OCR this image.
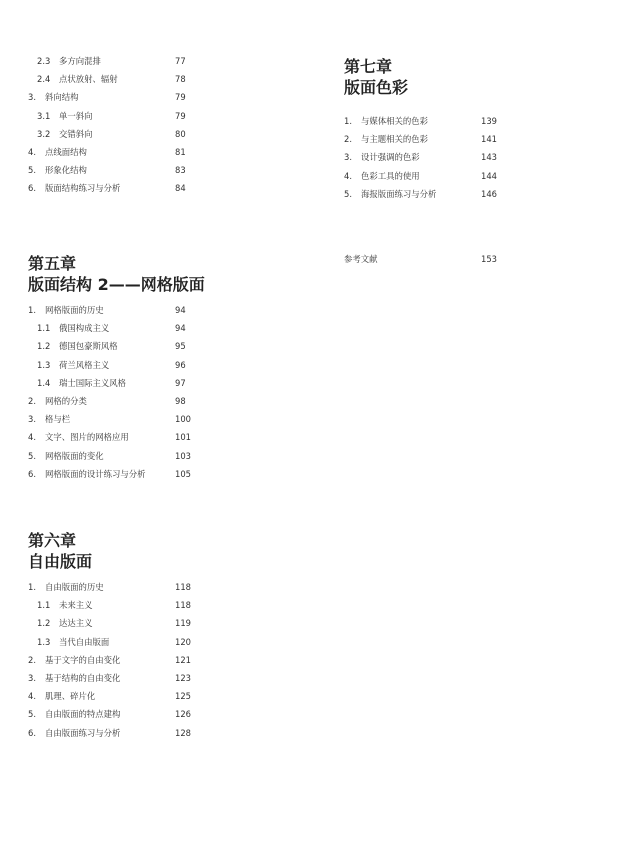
2.3 多方向混排	77
2.4 点状放射、辐射	78
3. 斜向结构	79
3.1 单一斜向	79
3.2 交错斜向	80
4. 点线面结构	81
5. 形象化结构	83
6. 版面结构练习与分析	84
第五章
版面结构 2——网格版面
1. 网格版面的历史	94
1.1 俄国构成主义	94
1.2 德国包豪斯风格	95
1.3 荷兰风格主义	96
1.4 瑞士国际主义风格	97
2. 网格的分类	98
3. 格与栏	100
4. 文字、图片的网格应用	101
5. 网格版面的变化	103
6. 网格版面的设计练习与分析	105
第六章
自由版面
1. 自由版面的历史	118
1.1 未来主义	118
1.2 达达主义	119
1.3 当代自由版面	120
2. 基于文字的自由变化	121
3. 基于结构的自由变化	123
4. 肌理、碎片化	125
5. 自由版面的特点建构	126
6. 自由版面练习与分析	128
第七章
版面色彩
1. 与媒体相关的色彩	139
2. 与主题相关的色彩	141
3. 设计强调的色彩	143
4. 色彩工具的使用	144
5. 海报版面练习与分析	146
参考文献	153
